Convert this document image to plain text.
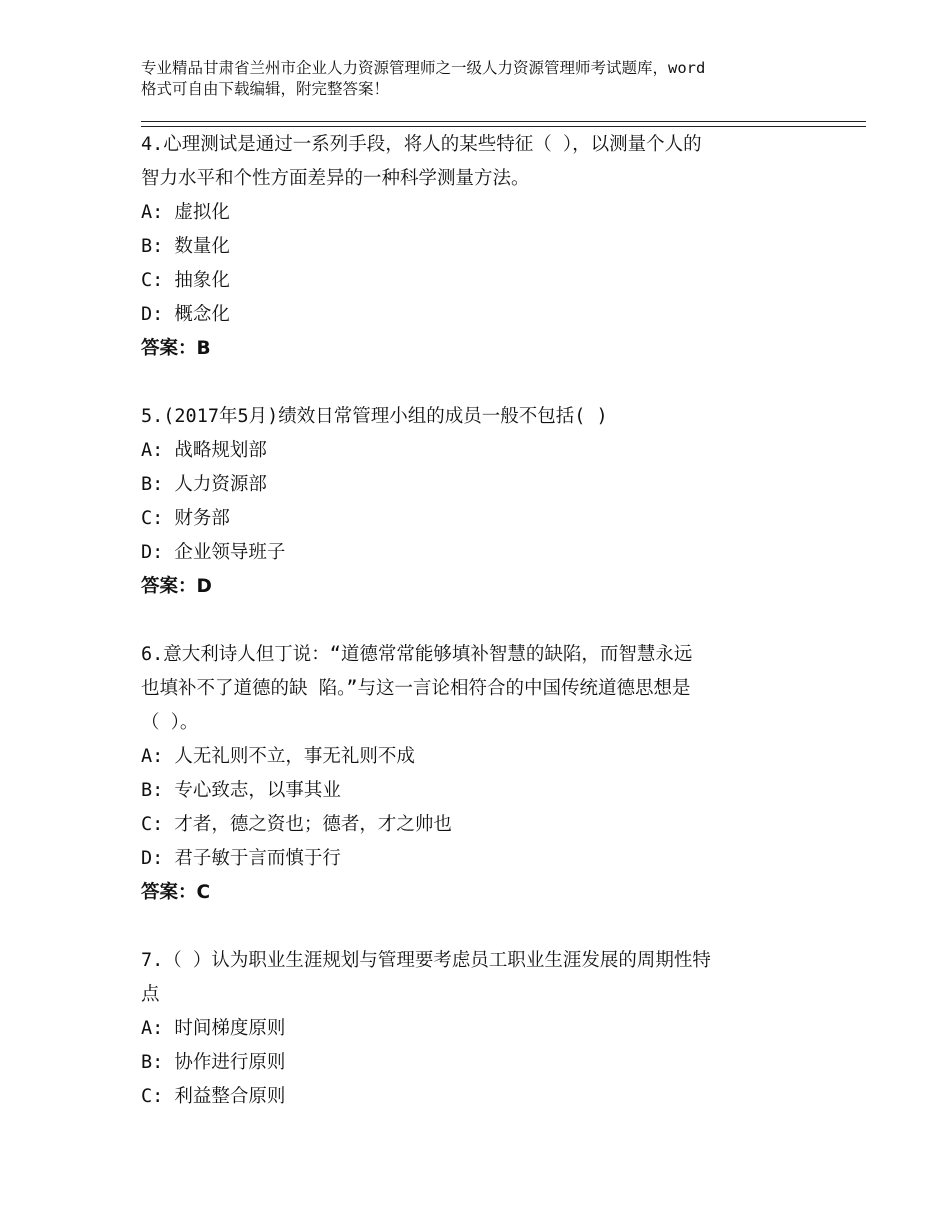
专业精品甘肃省兰州市企业人力资源管理师之一级人力资源管理师考试题库，word
格式可自由下载编辑，附完整答案！
4.心理测试是通过一系列手段，将人的某些特征（ ），以测量个人的
智力水平和个性方面差异的一种科学测量方法。
A: 虚拟化
B: 数量化
C: 抽象化
D: 概念化
答案：B
5.(2017年5月)绩效日常管理小组的成员一般不包括( )
A: 战略规划部
B: 人力资源部
C: 财务部
D: 企业领导班子
答案：D
6.意大利诗人但丁说：“道德常常能够填补智慧的缺陷，而智慧永远
也填补不了道德的缺 陷。”与这一言论相符合的中国传统道德思想是
（ ）。
A: 人无礼则不立，事无礼则不成
B: 专心致志，以事其业
C: 才者，德之资也；德者，才之帅也
D: 君子敏于言而慎于行
答案：C
7.（ ）认为职业生涯规划与管理要考虑员工职业生涯发展的周期性特
点
A: 时间梯度原则
B: 协作进行原则
C: 利益整合原则
